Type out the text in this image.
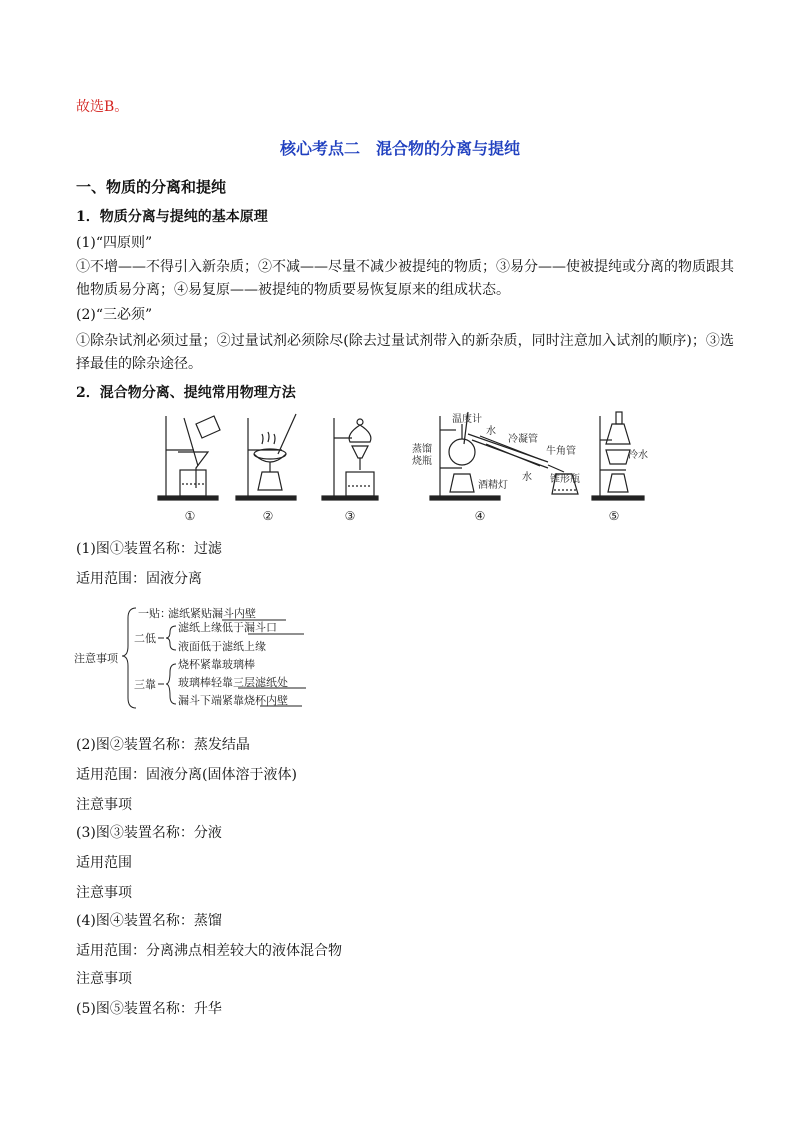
故选B。
核心考点二　混合物的分离与提纯
一、物质的分离和提纯
1．物质分离与提纯的基本原理
(1)“四原则”
①不增——不得引入新杂质；②不减——尽量不减少被提纯的物质；③易分——使被提纯或分离的物质跟其他物质易分离；④易复原——被提纯的物质要易恢复原来的组成状态。
(2)“三必须”
①除杂试剂必须过量；②过量试剂必须除尽(除去过量试剂带入的新杂质，同时注意加入试剂的顺序)；③选择最佳的除杂途径。
2．混合物分离、提纯常用物理方法
①	②	③	④	⑤
温度计
水
冷凝管
牛角管
蒸馏
烧瓶
水
酒精灯
锥形瓶
冷水
(1)图①装置名称：过滤
适用范围：固液分离
注意事项
一贴：
滤纸紧贴漏斗内壁
二低
滤纸上缘低于漏斗口
液面低于滤纸上缘
三靠
烧杯紧靠玻璃棒
玻璃棒轻靠三层滤纸处
漏斗下端紧靠烧杯内壁
(2)图②装置名称：蒸发结晶
适用范围：固液分离(固体溶于液体)
注意事项
(3)图③装置名称：分液
适用范围
注意事项
(4)图④装置名称：蒸馏
适用范围：分离沸点相差较大的液体混合物
注意事项
(5)图⑤装置名称：升华
